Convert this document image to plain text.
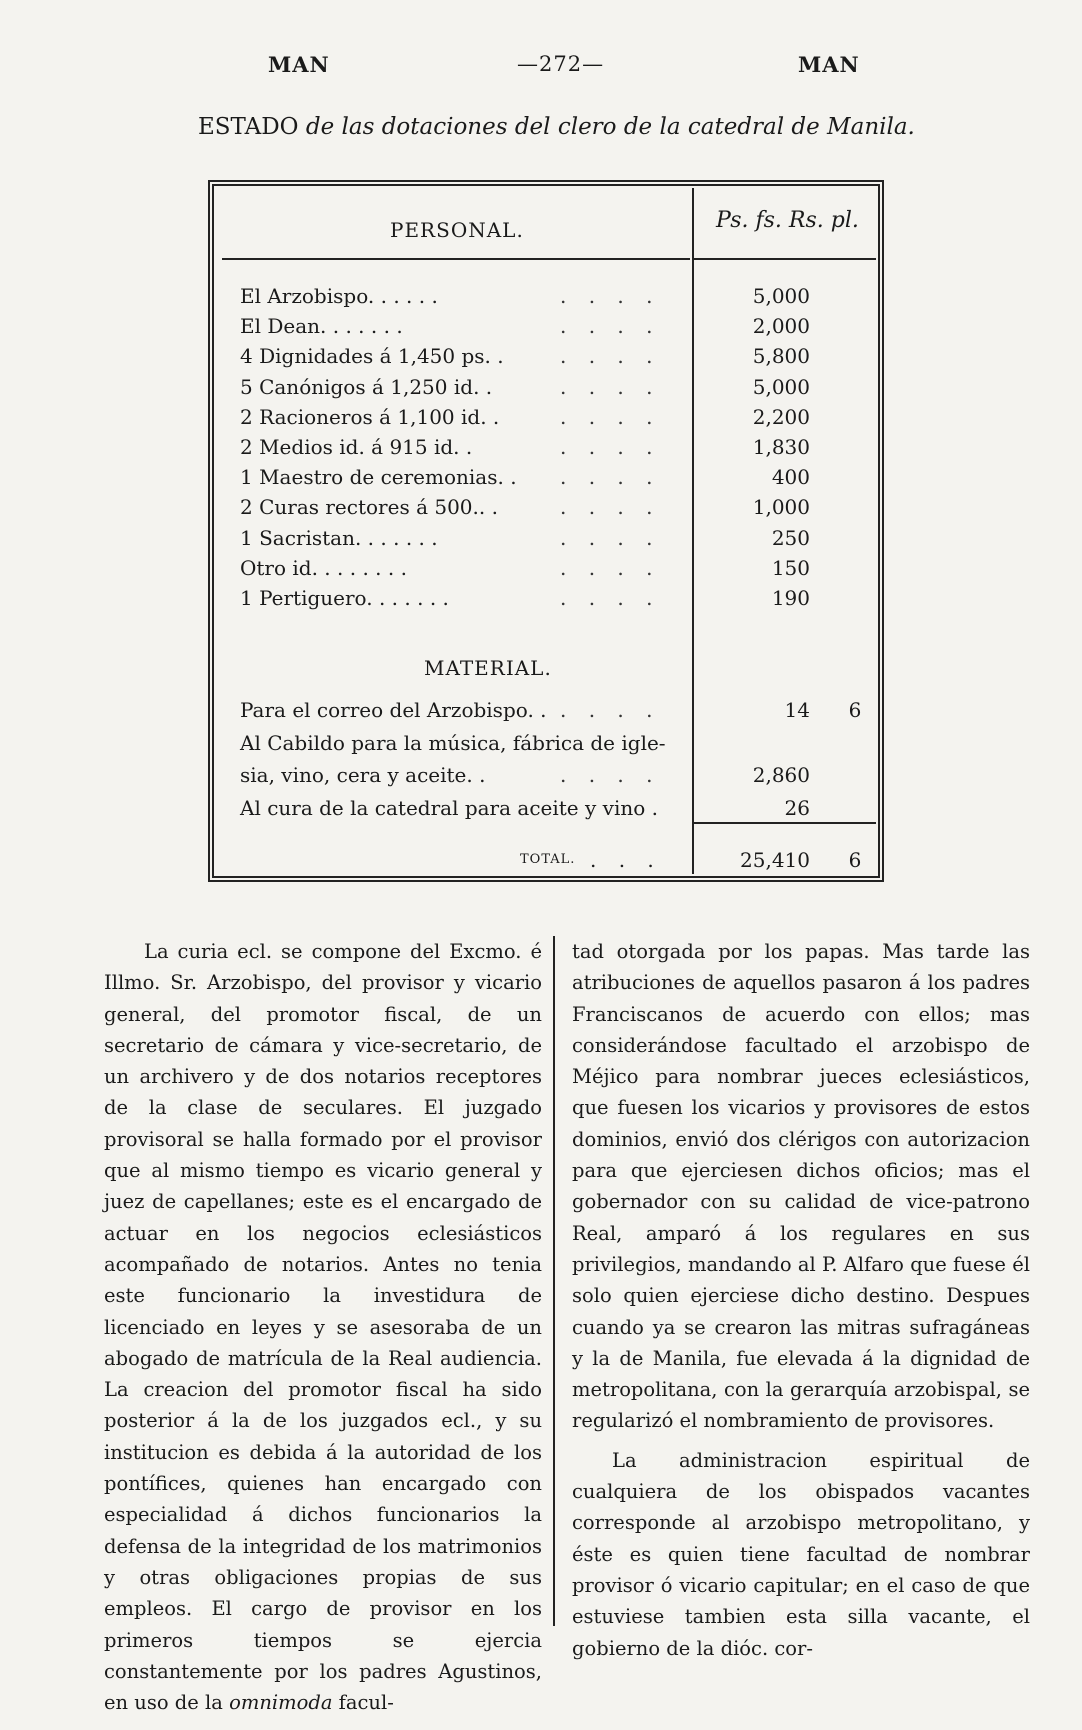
MAN	—272—	MAN
ESTADO de las dotaciones del clero de la catedral de Manila.
PERSONAL.	Ps. fs. Rs. pl.
El Arzobispo. . . . . .	. . . .	5,000
El Dean. . . . . . .	. . . .	2,000
4 Dignidades á 1,450 ps. .	. . . .	5,800
5 Canónigos á 1,250 id. .	. . . .	5,000
2 Racioneros á 1,100 id. .	. . . .	2,200
2 Medios id. á 915 id. .	. . . .	1,830
1 Maestro de ceremonias. . . . . .	400
2 Curas rectores á 500.. .	. . . .	1,000
1 Sacristan. . . . . . .	. . . .	250
Otro id. . . . . . . .	. . . .	150
1 Pertiguero. . . . . . .	. . . .	190
MATERIAL.
Para el correo del Arzobispo. . . . . .	14	6
Al Cabildo para la música, fábrica de igle-
sia, vino, cera y aceite. .	. . . .	2,860
Al cura de la catedral para aceite y vino .	26
TOTAL. . . .	25,410	6

La curia ecl. se compone del Excmo. é Illmo. Sr. Arzobispo, del provisor y vicario general, del promotor fiscal, de un secretario de cámara y vice-secretario, de un archivero y de dos notarios receptores de la clase de seculares. El juzgado provisoral se halla formado por el provisor que al mismo tiempo es vicario general y juez de capellanes; este es el encargado de actuar en los negocios eclesiásticos acompañado de notarios. Antes no tenia este funcionario la investidura de licenciado en leyes y se asesoraba de un abogado de matrícula de la Real audiencia. La creacion del promotor fiscal ha sido posterior á la de los juzgados ecl., y su institucion es debida á la autoridad de los pontífices, quienes han encargado con especialidad á dichos funcionarios la defensa de la integridad de los matrimonios y otras obligaciones propias de sus empleos. El cargo de provisor en los primeros tiempos se ejercia constantemente por los padres Agustinos, en uso de la omnimoda facul-

tad otorgada por los papas. Mas tarde las atribuciones de aquellos pasaron á los padres Franciscanos de acuerdo con ellos; mas considerándose facultado el arzobispo de Méjico para nombrar jueces eclesiásticos, que fuesen los vicarios y provisores de estos dominios, envió dos clérigos con autorizacion para que ejerciesen dichos oficios; mas el gobernador con su calidad de vice-patrono Real, amparó á los regulares en sus privilegios, mandando al P. Alfaro que fuese él solo quien ejerciese dicho destino. Despues cuando ya se crearon las mitras sufragáneas y la de Manila, fue elevada á la dignidad de metropolitana, con la gerarquía arzobispal, se regularizó el nombramiento de provisores.

La administracion espiritual de cualquiera de los obispados vacantes corresponde al arzobispo metropolitano, y éste es quien tiene facultad de nombrar provisor ó vicario capitular; en el caso de que estuviese tambien esta silla vacante, el gobierno de la dióc. cor-
